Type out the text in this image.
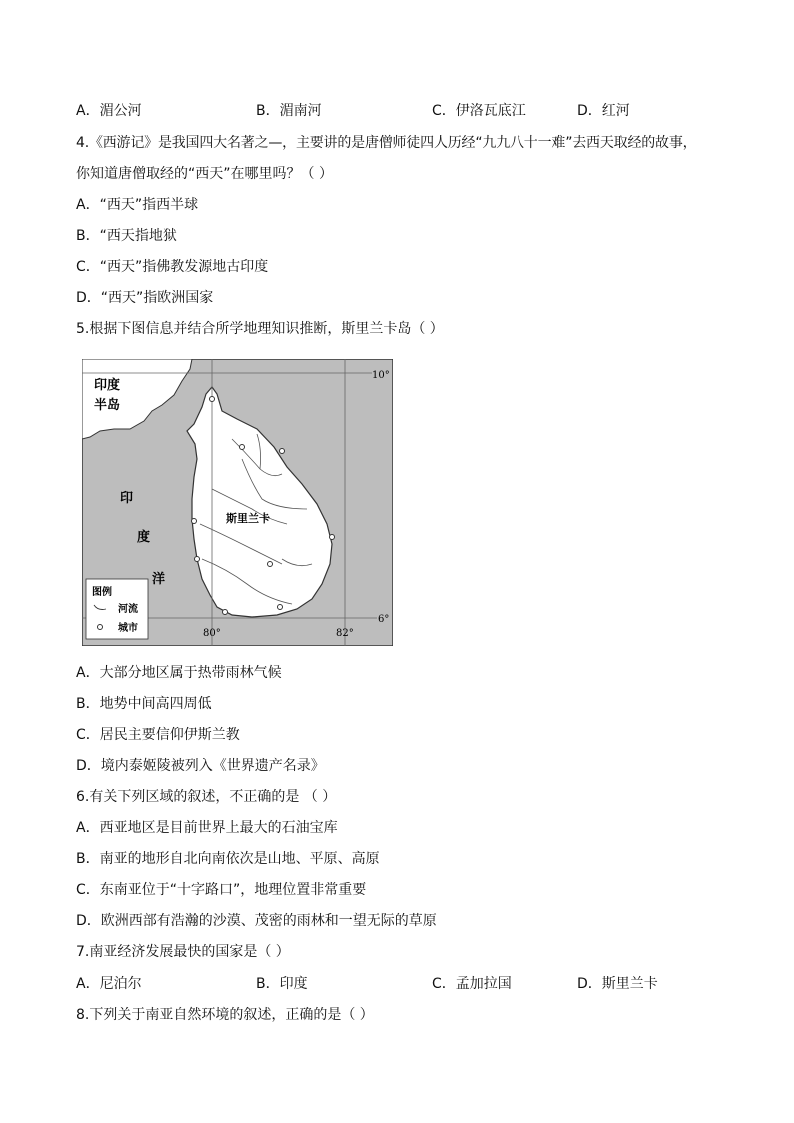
A．湄公河	B．湄南河	C．伊洛瓦底江	D．红河
4.《西游记》是我国四大名著之—，主要讲的是唐僧师徒四人历经“九九八十一难”去西天取经的故事，
你知道唐僧取经的“西天”在哪里吗？（ ）
A．“西天”指西半球
B．“西天指地狱
C．“西天”指佛教发源地古印度
D．“西天”指欧洲国家
5.根据下图信息并结合所学地理知识推断，斯里兰卡岛（ ）
印度
半岛
印
度
洋
斯里兰卡
10°
6°
80°	82°
图例
河流
城市
A．大部分地区属于热带雨林气候
B．地势中间高四周低
C．居民主要信仰伊斯兰教
D．境内泰姬陵被列入《世界遗产名录》
6.有关下列区域的叙述，不正确的是 （ ）
A．西亚地区是目前世界上最大的石油宝库
B．南亚的地形自北向南依次是山地、平原、高原
C．东南亚位于“十字路口”，地理位置非常重要
D．欧洲西部有浩瀚的沙漠、茂密的雨林和一望无际的草原
7.南亚经济发展最快的国家是（ ）
A．尼泊尔	B．印度	C．孟加拉国	D．斯里兰卡
8.下列关于南亚自然环境的叙述，正确的是（ ）
